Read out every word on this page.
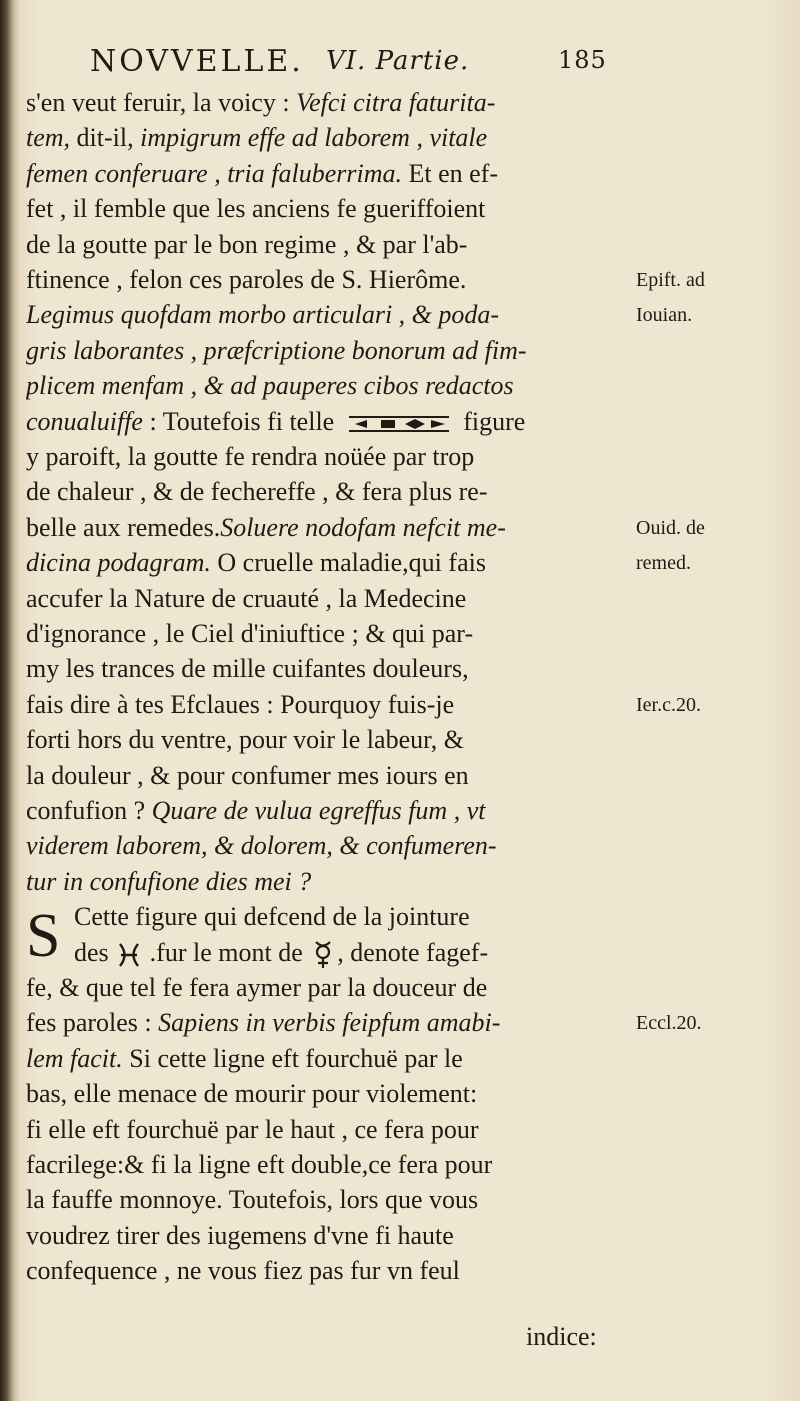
NOVVELLE. VI. Partie.	185
s'en veut feruir, la voicy : Vefci citra faturita-
tem, dit-il, impigrum effe ad laborem , vitale
femen conferuare , tria faluberrima. Et en ef-
fet , il femble que les anciens fe gueriffoient
de la goutte par le bon regime , & par l'ab-
ftinence , felon ces paroles de S. Hierôme.
Legimus quofdam morbo articulari , & poda-
gris laborantes , præfcriptione bonorum ad fim-
plicem menfam , & ad pauperes cibos redactos
conualuiffe : Toutefois fi telle	figure
y paroift, la goutte fe rendra noüée par trop
de chaleur , & de fechereffe , & fera plus re-
belle aux remedes.Soluere nodofam nefcit me-
dicina podagram. O cruelle maladie,qui fais
accufer la Nature de cruauté , la Medecine
d'ignorance , le Ciel d'iniuftice ; & qui par-
my les trances de mille cuifantes douleurs,
fais dire à tes Efclaues : Pourquoy fuis-je
forti hors du ventre, pour voir le labeur, &
la douleur , & pour confumer mes iours en
confufion ? Quare de vulua egreffus fum , vt
viderem laborem, & dolorem, & confumeren-
tur in confufione dies mei ?
Cette figure qui defcend de la jointure
des  .fur le mont de , denote fagef-
fe, & que tel fe fera aymer par la douceur de
fes paroles : Sapiens in verbis feipfum amabi-
lem facit. Si cette ligne eft fourchuë par le
bas, elle menace de mourir pour violement:
fi elle eft fourchuë par le haut , ce fera pour
facrilege:& fi la ligne eft double,ce fera pour
la fauffe monnoye. Toutefois, lors que vous
voudrez tirer des iugemens d'vne fi haute
confequence , ne vous fiez pas fur vn feul
S
indice:
Epift. ad
Iouian.
Ouid. de
remed.
Ier.c.20.
Eccl.20.
